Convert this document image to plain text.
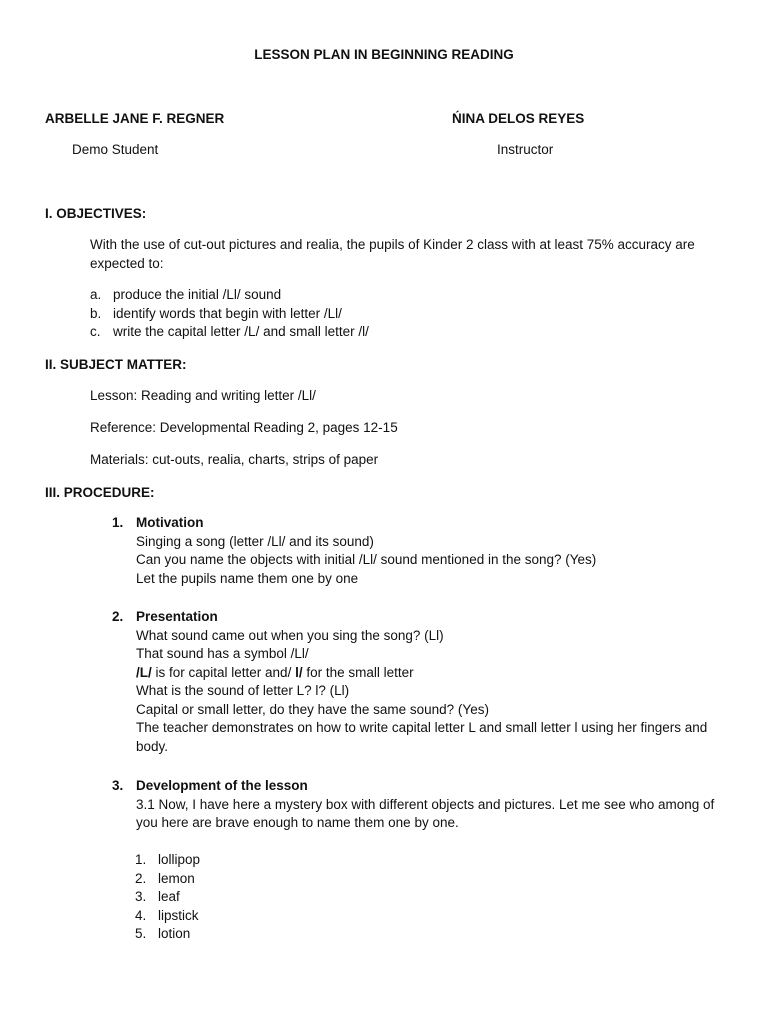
LESSON PLAN IN BEGINNING READING
ARBELLE JANE F. REGNER
Demo Student
ŃINA DELOS REYES
Instructor
I. OBJECTIVES:
With the use of cut-out pictures and realia, the pupils of Kinder 2 class with at least 75% accuracy are expected to:
a. produce the initial /Ll/ sound
b. identify words that begin with letter /Ll/
c. write the capital letter /L/ and small letter /l/
II. SUBJECT MATTER:
Lesson: Reading and writing letter /Ll/
Reference: Developmental Reading 2, pages 12-15
Materials: cut-outs, realia, charts, strips of paper
III. PROCEDURE:
1. Motivation
Singing a song (letter /Ll/ and its sound)
Can you name the objects with initial /Ll/ sound mentioned in the song? (Yes)
Let the pupils name them one by one
2. Presentation
What sound came out when you sing the song? (Ll)
That sound has a symbol /Ll/
/L/ is for capital letter and/ l/ for the small letter
What is the sound of letter L? l? (Ll)
Capital or small letter, do they have the same sound? (Yes)
The teacher demonstrates on how to write capital letter L and small letter l using her fingers and body.
3. Development of the lesson
3.1 Now, I have here a mystery box with different objects and pictures. Let me see who among of you here are brave enough to name them one by one.
1. lollipop
2. lemon
3. leaf
4. lipstick
5. lotion
